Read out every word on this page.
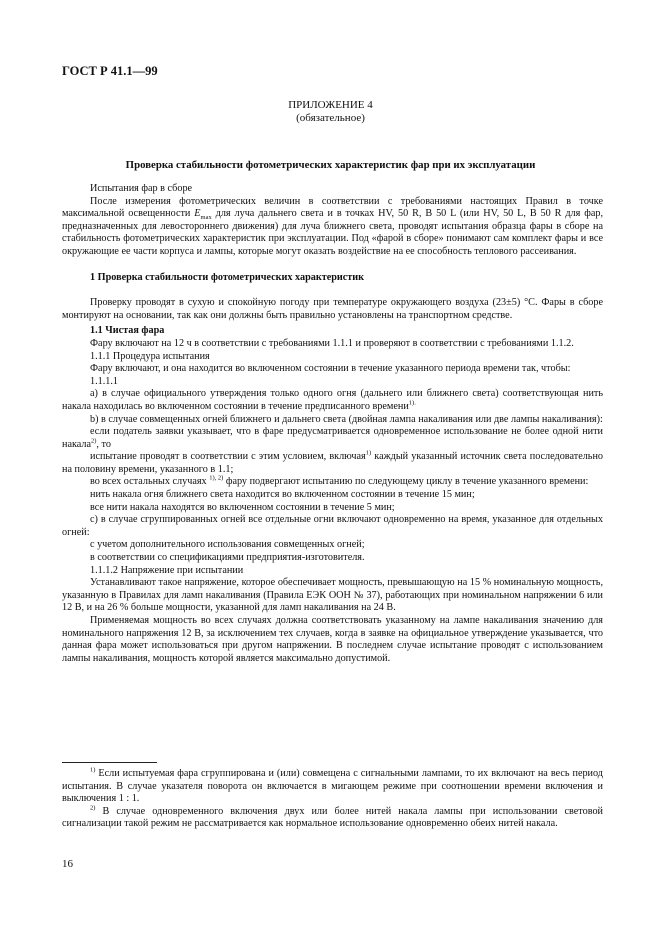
ГОСТ Р 41.1—99
ПРИЛОЖЕНИЕ 4
(обязательное)
Проверка стабильности фотометрических характеристик фар при их эксплуатации

Испытания фар в сборе

После измерения фотометрических величин в соответствии с требованиями настоящих Правил в точке максимальной освещенности $E_{max}$ для луча дальнего света и в точках HV, 50 R, B 50 L (или HV, 50 L, B 50 R для фар, предназначенных для левостороннего движения) для луча ближнего света, проводят испытания образца фары в сборе на стабильность фотометрических характеристик при эксплуатации. Под «фарой в сборе» понимают сам комплект фары и все окружающие ее части корпуса и лампы, которые могут оказать воздействие на ее способность теплового рассеивания.

1 Проверка стабильности фотометрических характеристик

Проверку проводят в сухую и спокойную погоду при температуре окружающего воздуха (23±5) °С. Фары в сборе монтируют на основании, так как они должны быть правильно установлены на транспортном средстве.

1.1 Чистая фара

Фару включают на 12 ч в соответствии с требованиями 1.1.1 и проверяют в соответствии с требованиями 1.1.2.

1.1.1 Процедура испытания

Фару включают, и она находится во включенном состоянии в течение указанного периода времени так, чтобы:

1.1.1.1

а) в случае официального утверждения только одного огня (дальнего или ближнего света) соответствующая нить накала находилась во включенном состоянии в течение предписанного времени$^{1).}$

b) в случае совмещенных огней ближнего и дальнего света (двойная лампа накаливания или две лампы накаливания):

если податель заявки указывает, что в фаре предусматривается одновременное использование не более одной нити накала$^{2)}$, то

испытание проводят в соответствии с этим условием, включая$^{1)}$ каждый указанный источник света последовательно на половину времени, указанного в 1.1;

во всех остальных случаях $^{1), 2)}$ фару подвергают испытанию по следующему циклу в течение указанного времени:

нить накала огня ближнего света находится во включенном состоянии в течение 15 мин;

все нити накала находятся во включенном состоянии в течение 5 мин;

с) в случае сгруппированных огней все отдельные огни включают одновременно на время, указанное для отдельных огней:

с учетом дополнительного использования совмещенных огней;

в соответствии со спецификациями предприятия-изготовителя.

1.1.1.2 Напряжение при испытании

Устанавливают такое напряжение, которое обеспечивает мощность, превышающую на 15 % номинальную мощность, указанную в Правилах для ламп накаливания (Правила ЕЭК ООН № 37), работающих при номинальном напряжении 6 или 12 В, и на 26 % больше мощности, указанной для ламп накаливания на 24 В.

Применяемая мощность во всех случаях должна соответствовать указанному на лампе накаливания значению для номинального напряжения 12 В, за исключением тех случаев, когда в заявке на официальное утверждение указывается, что данная фара может использоваться при другом напряжении. В последнем случае испытание проводят с использованием лампы накаливания, мощность которой является максимально допустимой.

$^{1)}$ Если испытуемая фара сгруппирована и (или) совмещена с сигнальными лампами, то их включают на весь период испытания. В случае указателя поворота он включается в мигающем режиме при соотношении времени включения и выключения 1 : 1.

$^{2)}$ В случае одновременного включения двух или более нитей накала лампы при использовании световой сигнализации такой режим не рассматривается как нормальное использование одновременно обеих нитей накала.

16
